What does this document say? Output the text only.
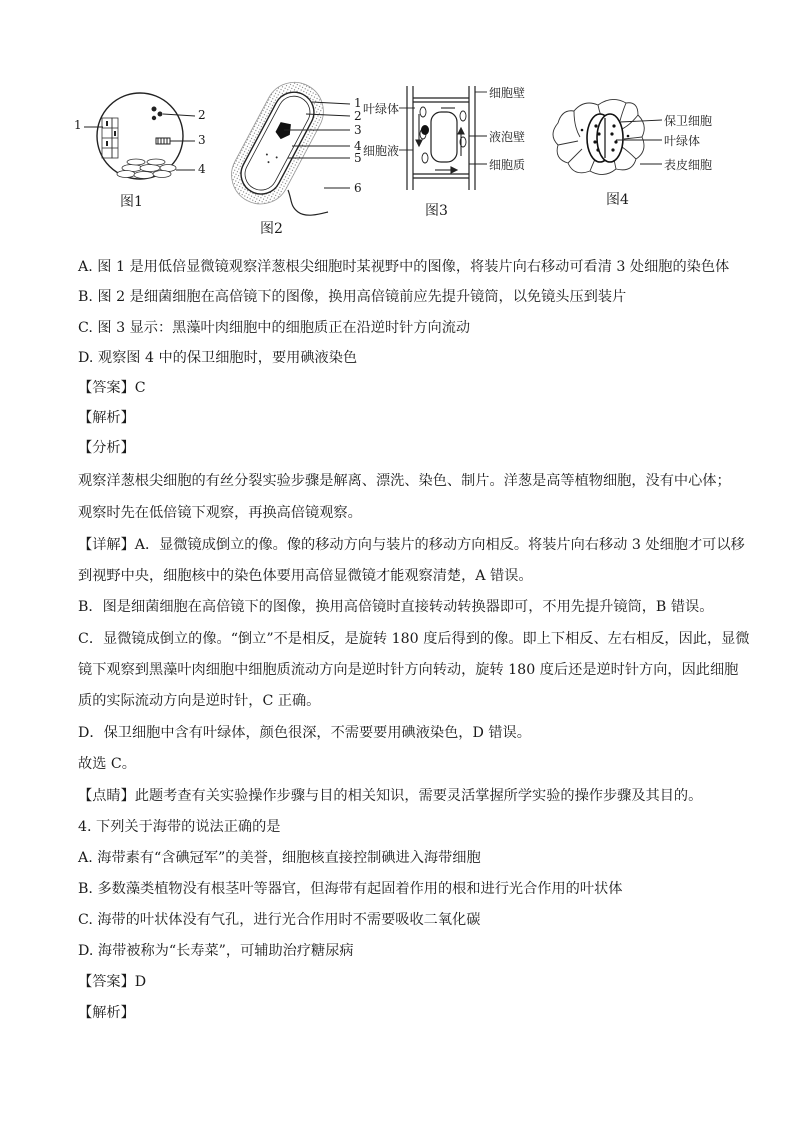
1
2
3
4
图1
1
2
3
4
5
6
图2
叶绿体
细胞液
细胞壁
液泡壁
细胞质
图3
保卫细胞
叶绿体
表皮细胞
图4
A. 图 1 是用低倍显微镜观察洋葱根尖细胞时某视野中的图像，将装片向右移动可看清 3 处细胞的染色体
B. 图 2 是细菌细胞在高倍镜下的图像，换用高倍镜前应先提升镜筒，以免镜头压到装片
C. 图 3 显示：黑藻叶肉细胞中的细胞质正在沿逆时针方向流动
D. 观察图 4 中的保卫细胞时，要用碘液染色
【答案】C
【解析】
【分析】
观察洋葱根尖细胞的有丝分裂实验步骤是解离、漂洗、染色、制片。洋葱是高等植物细胞，没有中心体；
观察时先在低倍镜下观察，再换高倍镜观察。
【详解】A．显微镜成倒立的像。像的移动方向与装片的移动方向相反。将装片向右移动 3 处细胞才可以移
到视野中央，细胞核中的染色体要用高倍显微镜才能观察清楚，A 错误。
B．图是细菌细胞在高倍镜下的图像，换用高倍镜时直接转动转换器即可，不用先提升镜筒，B 错误。
C．显微镜成倒立的像。“倒立”不是相反，是旋转 180 度后得到的像。即上下相反、左右相反，因此，显微
镜下观察到黑藻叶肉细胞中细胞质流动方向是逆时针方向转动，旋转 180 度后还是逆时针方向，因此细胞
质的实际流动方向是逆时针，C 正确。
D．保卫细胞中含有叶绿体，颜色很深，不需要要用碘液染色，D 错误。
故选 C。
【点睛】此题考查有关实验操作步骤与目的相关知识，需要灵活掌握所学实验的操作步骤及其目的。
4. 下列关于海带的说法正确的是
A. 海带素有“含碘冠军”的美誉，细胞核直接控制碘进入海带细胞
B. 多数藻类植物没有根茎叶等器官，但海带有起固着作用的根和进行光合作用的叶状体
C. 海带的叶状体没有气孔，进行光合作用时不需要吸收二氧化碳
D. 海带被称为“长寿菜”，可辅助治疗糖尿病
【答案】D
【解析】
